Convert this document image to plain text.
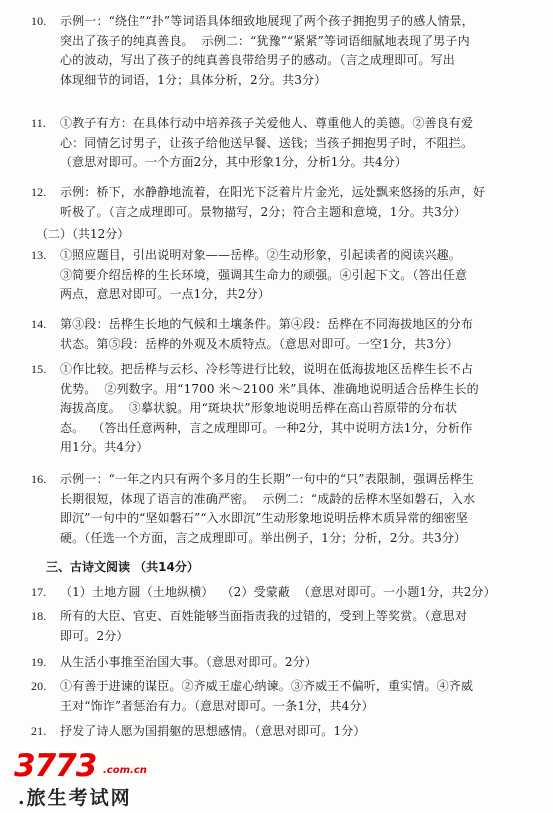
10.	示例一：“绕住”“扑”等词语具体细致地展现了两个孩子拥抱男子的感人情景，
突出了孩子的纯真善良。  示例二：“犹豫”“紧紧”等词语细腻地表现了男子内
心的波动，写出了孩子的纯真善良带给男子的感动。（言之成理即可。写出
体现细节的词语，1分；具体分析，2分。共3分）
11.	①教子有方：在具体行动中培养孩子关爱他人、尊重他人的美德。②善良有爱
心：同情乞讨男子，让孩子给他送早餐、送钱；当孩子拥抱男子时，不阻拦。
（意思对即可。一个方面2分，其中形象1分，分析1分。共4分）
12.	示例：桥下，水静静地流着，在阳光下泛着片片金光，远处飘来悠扬的乐声，好
听极了。（言之成理即可。景物描写，2分；符合主题和意境，1分。共3分）
（二）（共12分）
13.	①照应题目，引出说明对象——岳桦。②生动形象，引起读者的阅读兴趣。
③简要介绍岳桦的生长环境，强调其生命力的顽强。④引起下文。（答出任意
两点，意思对即可。一点1分，共2分）
14.	第③段：岳桦生长地的气候和土壤条件。第④段：岳桦在不同海拔地区的分布
状态。第⑤段：岳桦的外观及木质特点。（意思对即可。一空1分，共3分）
15.	①作比较。把岳桦与云杉、冷杉等进行比较，说明在低海拔地区岳桦生长不占
优势。  ②列数字。用“1700 米～2100 米”具体、准确地说明适合岳桦生长的
海拔高度。  ③摹状貌。用“斑块状”形象地说明岳桦在高山苔原带的分布状
态。  （答出任意两种，言之成理即可。一种2分，其中说明方法1分，分析作
用1分。共4分）
16.	示例一：“一年之内只有两个多月的生长期”一句中的“只”表限制，强调岳桦生
长期很短，体现了语言的准确严密。  示例二：“成龄的岳桦木坚如磐石，入水
即沉”一句中的“坚如磐石”“入水即沉”生动形象地说明岳桦木质异常的细密坚
硬。（任选一个方面，言之成理即可。举出例子，1分；分析，2分。共3分）
三、古诗文阅读 （共14分）
17.	（1）土地方圆（土地纵横）  （2）受蒙蔽  （意思对即可。一小题1分，共2分）
18.	所有的大臣、官吏、百姓能够当面指责我的过错的，受到上等奖赏。（意思对
即可。2分）
19.	从生活小事推至治国大事。（意思对即可。2分）
20.	①有善于进谏的谋臣。②齐威王虚心纳谏。③齐威王不偏听，重实情。④齐威
王对“饰诈”者惩治有力。（意思对即可。一条1分，共4分）
21.	抒发了诗人愿为国捐躯的思想感情。（意思对即可。1分）
3773 .com.cn
.旅生考试网
